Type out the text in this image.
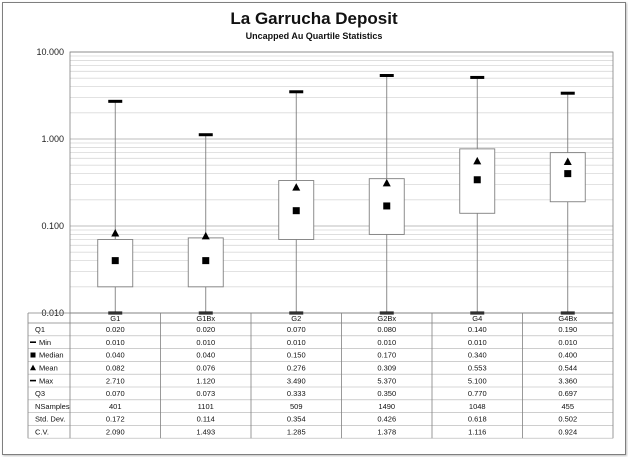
La Garrucha Deposit
Uncapped Au Quartile Statistics
0.010
0.100
1.000
10.000
G1	G1Bx	G2	G2Bx	G4	G4Bx
Q1	0.020	0.020	0.070	0.080	0.140	0.190
Min	0.010	0.010	0.010	0.010	0.010	0.010
Median	0.040	0.040	0.150	0.170	0.340	0.400
Mean	0.082	0.076	0.276	0.309	0.553	0.544
Max	2.710	1.120	3.490	5.370	5.100	3.360
Q3	0.070	0.073	0.333	0.350	0.770	0.697
NSamples	401	1101	509	1490	1048	455
Std. Dev.	0.172	0.114	0.354	0.426	0.618	0.502
C.V.	2.090	1.493	1.285	1.378	1.116	0.924
